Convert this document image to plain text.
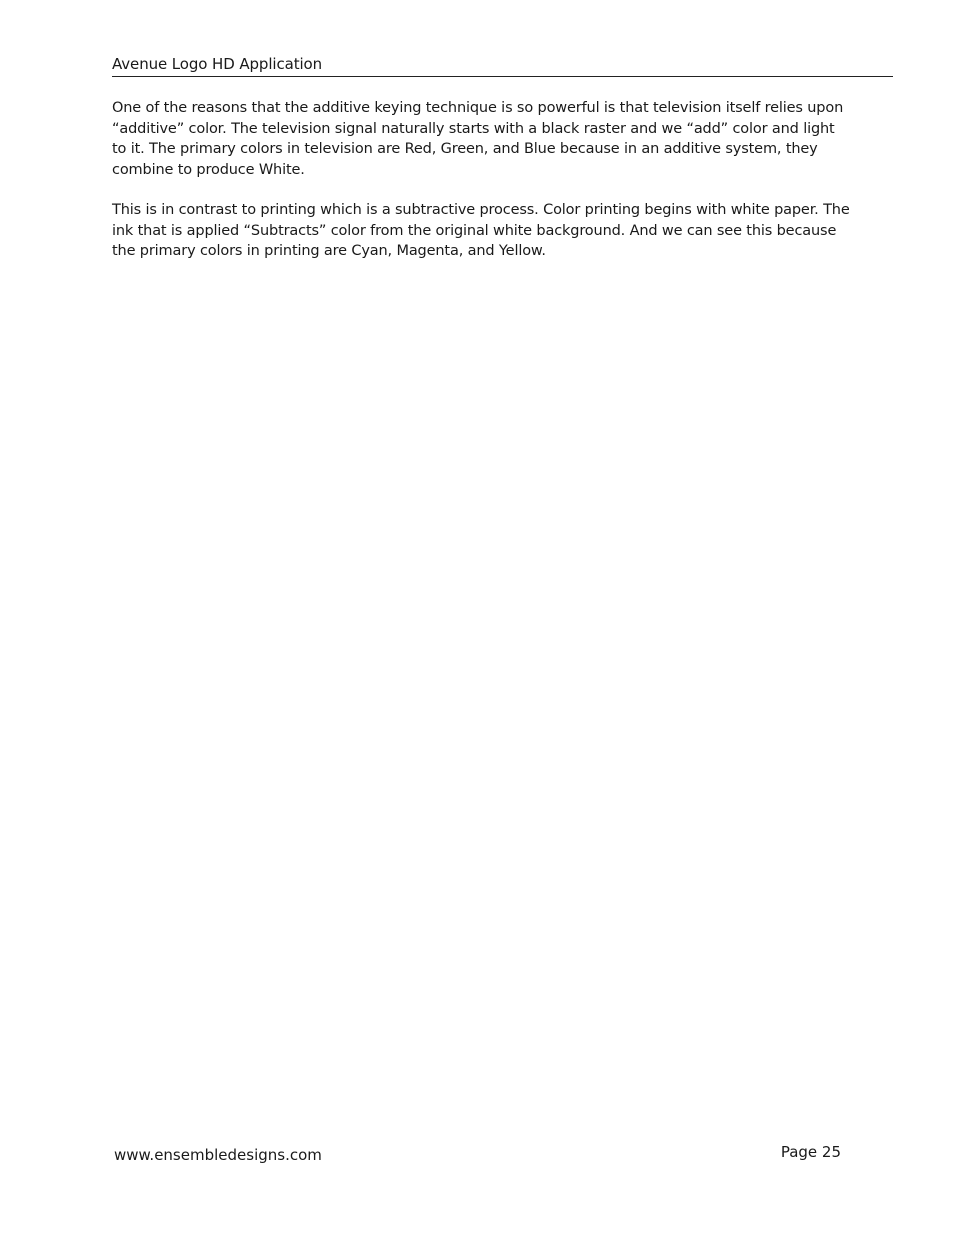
Avenue Logo HD Application

One of the reasons that the additive keying technique is so powerful is that television itself relies upon “additive” color. The television signal naturally starts with a black raster and we “add” color and light to it. The primary colors in television are Red, Green, and Blue because in an additive system, they combine to produce White.

This is in contrast to printing which is a subtractive process. Color printing begins with white paper. The ink that is applied “Subtracts” color from the original white background. And we can see this because the primary colors in printing are Cyan, Magenta, and Yellow.

www.ensembledesigns.com	Page 25
